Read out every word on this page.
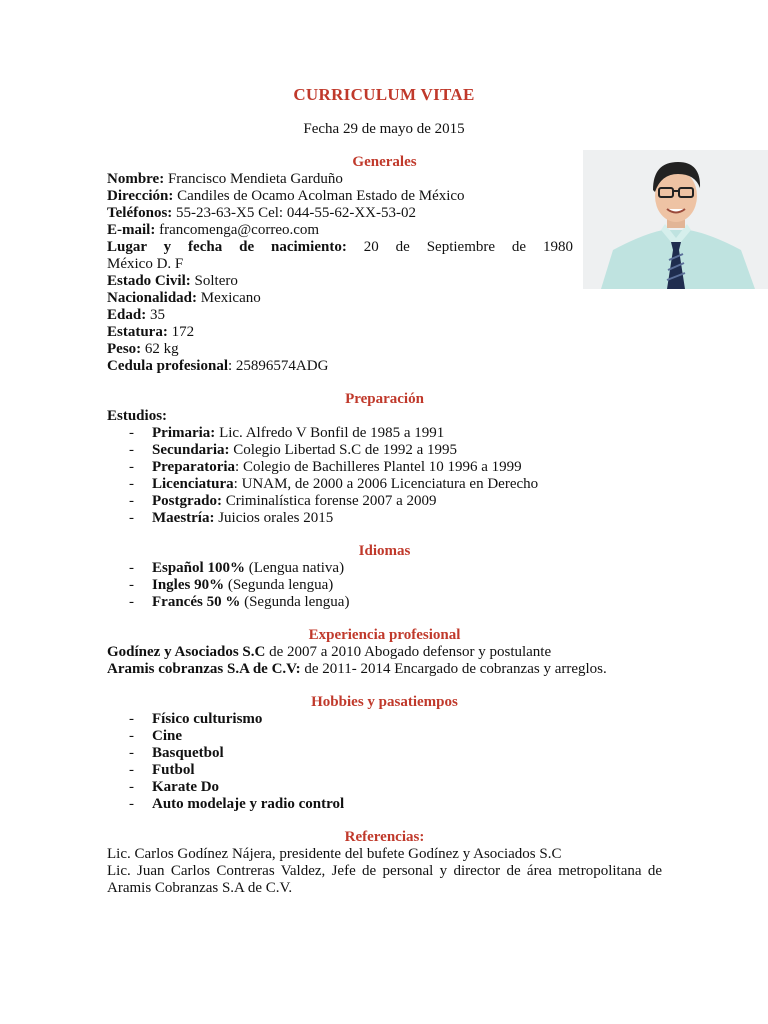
CURRICULUM VITAE
Fecha 29 de mayo de 2015
Generales
Nombre: Francisco Mendieta Garduño
Dirección: Candiles de Ocamo Acolman Estado de México
Teléfonos: 55-23-63-X5 Cel: 044-55-62-XX-53-02
E-mail: francomenga@correo.com
Lugar y fecha de nacimiento: 20 de Septiembre de 1980
México D. F
Estado Civil: Soltero
Nacionalidad: Mexicano
Edad: 35
Estatura: 172
Peso: 62 kg
Cedula profesional: 25896574ADG
Preparación
Estudios:
- Primaria: Lic. Alfredo V Bonfil de 1985 a 1991
- Secundaria: Colegio Libertad S.C de 1992 a 1995
- Preparatoria: Colegio de Bachilleres Plantel 10 1996 a 1999
- Licenciatura: UNAM, de 2000 a 2006 Licenciatura en Derecho
- Postgrado: Criminalística forense 2007 a 2009
- Maestría: Juicios orales 2015
Idiomas
- Español 100% (Lengua nativa)
- Ingles 90% (Segunda lengua)
- Francés 50 % (Segunda lengua)
Experiencia profesional
Godínez y Asociados S.C de 2007 a 2010 Abogado defensor y postulante
Aramis cobranzas S.A de C.V: de 2011- 2014 Encargado de cobranzas y arreglos.
Hobbies y pasatiempos
- Físico culturismo
- Cine
- Basquetbol
- Futbol
- Karate Do
- Auto modelaje y radio control
Referencias:
Lic. Carlos Godínez Nájera, presidente del bufete Godínez y Asociados S.C
Lic. Juan Carlos Contreras Valdez, Jefe de personal y director de área metropolitana de Aramis Cobranzas S.A de C.V.
